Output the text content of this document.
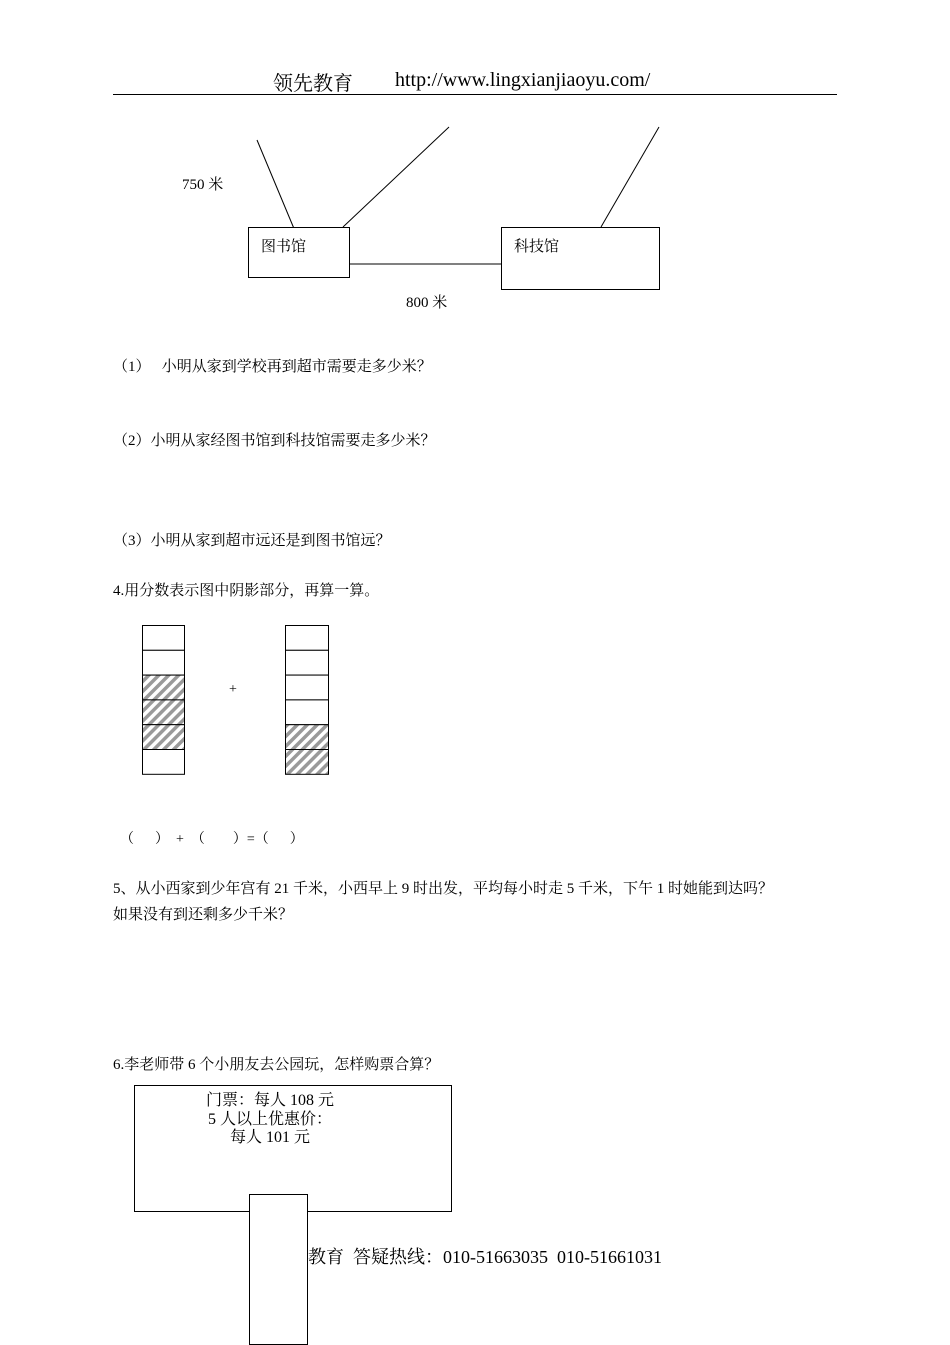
领先教育 http://www.lingxianjiaoyu.com/
750 米
图书馆	科技馆
800 米
（1）   小明从家到学校再到超市需要走多少米？
（2）小明从家经图书馆到科技馆需要走多少米？
（3）小明从家到超市远还是到图书馆远？
4.用分数表示图中阴影部分，再算一算。
+
（      ）  +  （        ）=（      ）
5、从小西家到少年宫有 21 千米，小西早上 9 时出发，平均每小时走 5 千米，下午 1 时她能到达吗？
如果没有到还剩多少千米？
6.李老师带 6 个小朋友去公园玩，怎样购票合算？
门票：每人 108 元
5 人以上优惠价：
每人 101 元
教育  答疑热线：010-51663035  010-51661031
